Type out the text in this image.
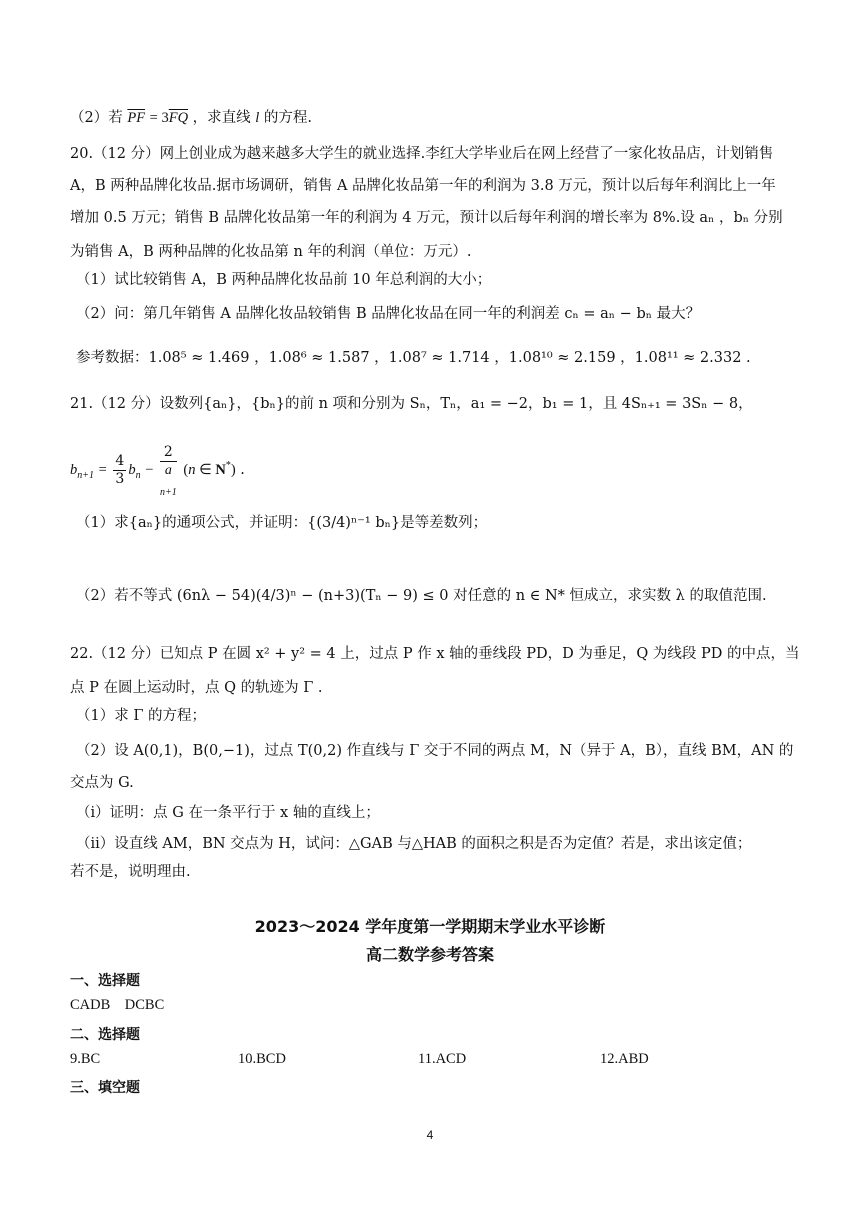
（2）若 $\overline{PF} = 3\overline{FQ}$ ，求直线 l 的方程.
20.（12 分）网上创业成为越来越多大学生的就业选择.李红大学毕业后在网上经营了一家化妆品店，计划销售
A，B 两种品牌化妆品.据市场调研，销售 A 品牌化妆品第一年的利润为 3.8 万元，预计以后每年利润比上一年
增加 0.5 万元；销售 B 品牌化妆品第一年的利润为 4 万元，预计以后每年利润的增长率为 8%.设 aₙ ，bₙ 分别
为销售 A，B 两种品牌的化妆品第 n 年的利润（单位：万元）.
（1）试比较销售 A，B 两种品牌化妆品前 10 年总利润的大小；
（2）问：第几年销售 A 品牌化妆品较销售 B 品牌化妆品在同一年的利润差 cₙ = aₙ − bₙ 最大？
参考数据：1.08⁵ ≈ 1.469 ，1.08⁶ ≈ 1.587 ，1.08⁷ ≈ 1.714 ，1.08¹⁰ ≈ 2.159 ，1.08¹¹ ≈ 2.332 .
21.（12 分）设数列{aₙ}，{bₙ}的前 n 项和分别为 Sₙ，Tₙ，a₁ = −2，b₁ = 1，且 4Sₙ₊₁ = 3Sₙ − 8，
$b_{n+1} = \frac{4}{3} b_n - 2$
a
$_{n+1}$ (n ∈ N*) .
（1）求{aₙ}的通项公式，并证明：{(3/4)ⁿ⁻¹ bₙ}是等差数列；
（2）若不等式 (6nλ − 54)(4/3)ⁿ − (n+3)(Tₙ − 9) ≤ 0 对任意的 n ∈ N* 恒成立，求实数 λ 的取值范围.
22.（12 分）已知点 P 在圆 x² + y² = 4 上，过点 P 作 x 轴的垂线段 PD，D 为垂足，Q 为线段 PD 的中点，当
点 P 在圆上运动时，点 Q 的轨迹为 Γ .
（1）求 Γ 的方程；
（2）设 A(0,1)，B(0,−1)，过点 T(0,2) 作直线与 Γ 交于不同的两点 M，N（异于 A，B），直线 BM，AN 的
交点为 G.
（i）证明：点 G 在一条平行于 x 轴的直线上；
（ii）设直线 AM，BN 交点为 H，试问：△GAB 与△HAB 的面积之积是否为定值？若是，求出该定值；
若不是，说明理由.
2023～2024 学年度第一学期期末学业水平诊断
高二数学参考答案
一、选择题
CADB    DCBC
二、选择题
9.BC	10.BCD	11.ACD	12.ABD
三、填空题
4
